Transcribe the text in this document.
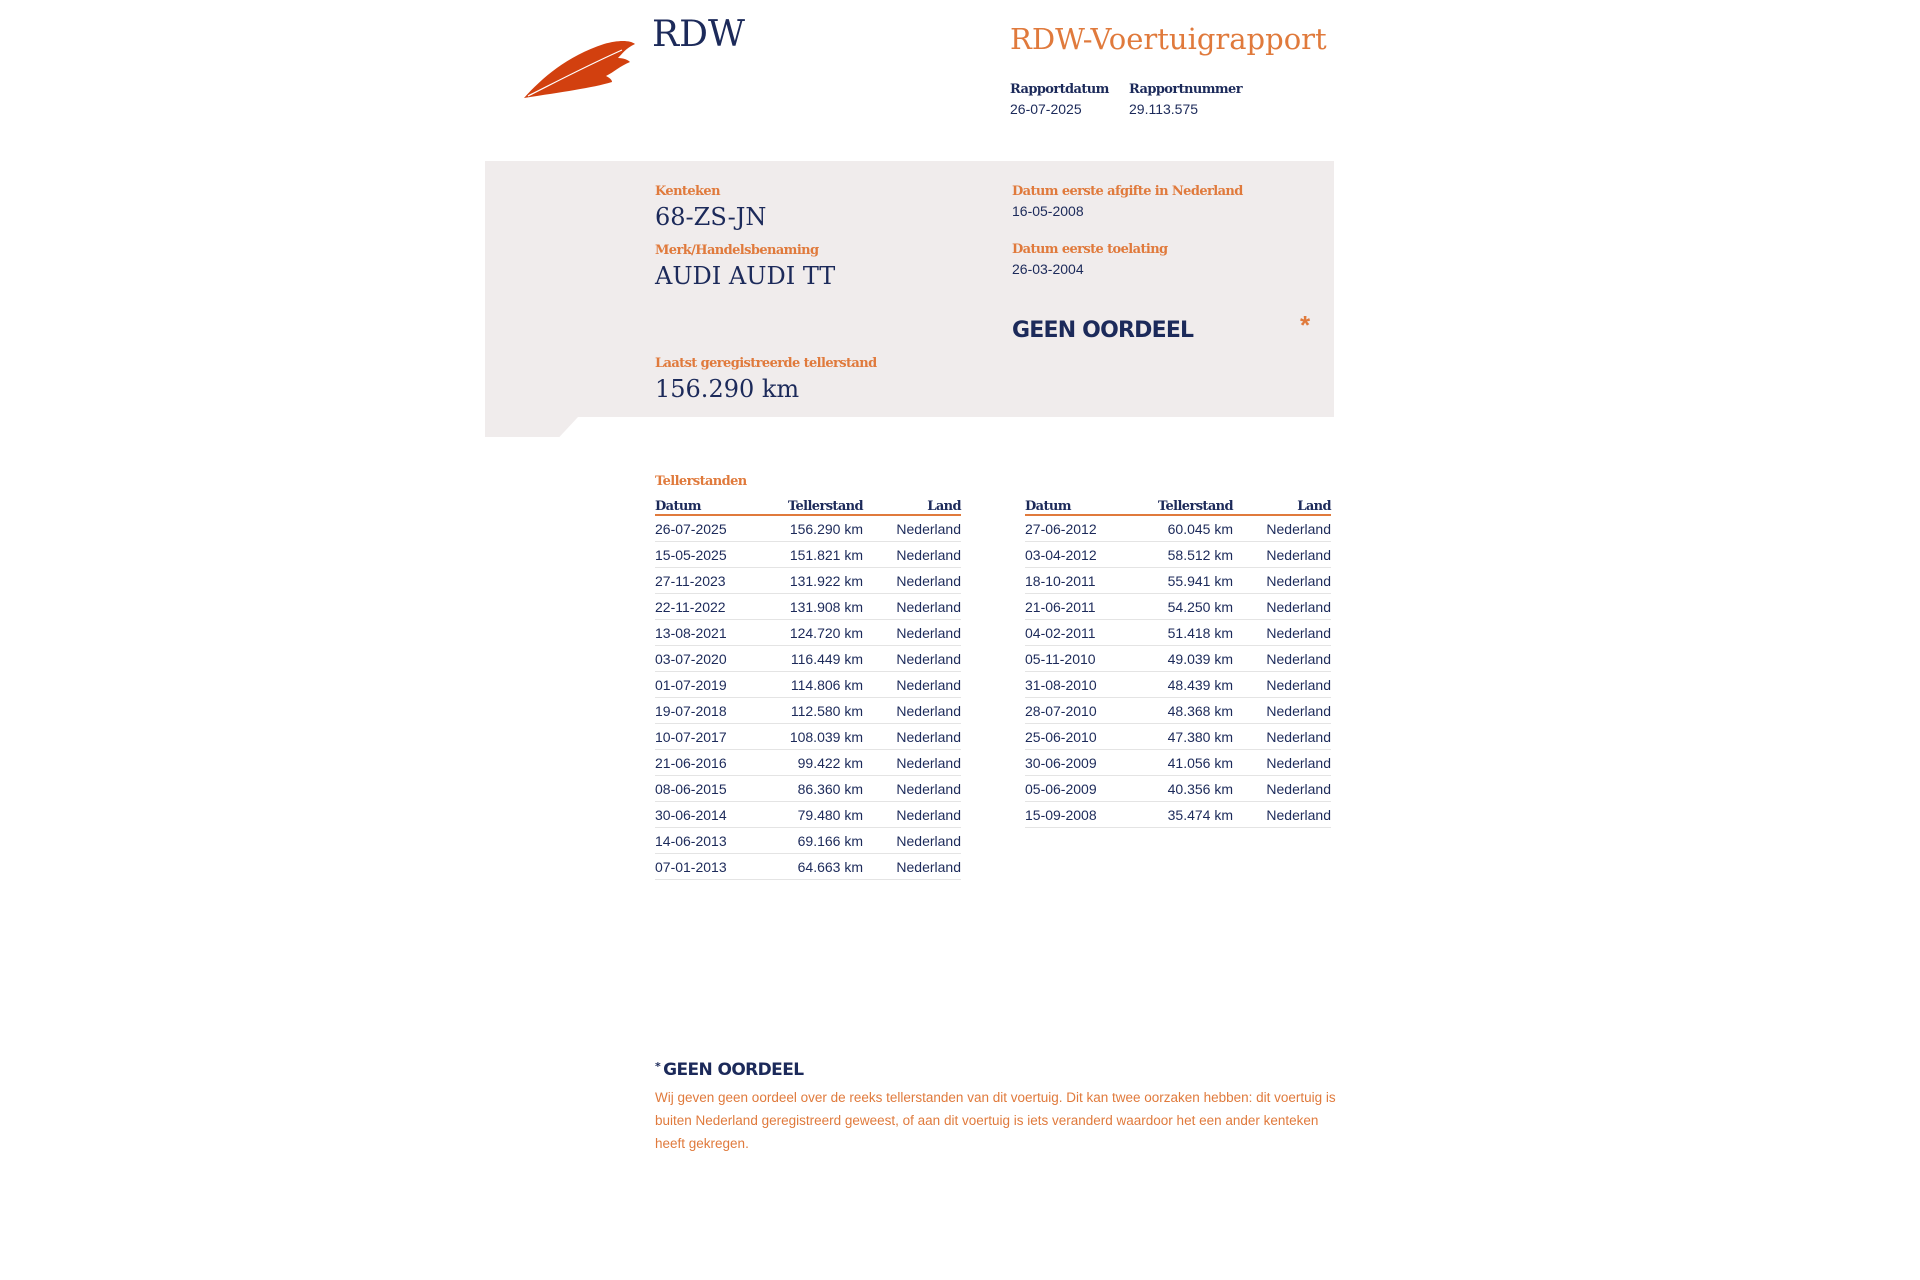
RDW	RDW-Voertuigrapport
Rapportdatum
26-07-2025
Rapportnummer
29.113.575
Kenteken
68-ZS-JN
Merk/Handelsbenaming
AUDI AUDI TT
Laatst geregistreerde tellerstand
156.290 km
Datum eerste afgifte in Nederland
16-05-2008
Datum eerste toelating
26-03-2004
GEEN OORDEEL	*
Tellerstanden
Datum	Tellerstand	Land
26-07-2025	156.290 km	Nederland
15-05-2025	151.821 km	Nederland
27-11-2023	131.922 km	Nederland
22-11-2022	131.908 km	Nederland
13-08-2021	124.720 km	Nederland
03-07-2020	116.449 km	Nederland
01-07-2019	114.806 km	Nederland
19-07-2018	112.580 km	Nederland
10-07-2017	108.039 km	Nederland
21-06-2016	99.422 km	Nederland
08-06-2015	86.360 km	Nederland
30-06-2014	79.480 km	Nederland
14-06-2013	69.166 km	Nederland
07-01-2013	64.663 km	Nederland
Datum	Tellerstand	Land
27-06-2012	60.045 km	Nederland
03-04-2012	58.512 km	Nederland
18-10-2011	55.941 km	Nederland
21-06-2011	54.250 km	Nederland
04-02-2011	51.418 km	Nederland
05-11-2010	49.039 km	Nederland
31-08-2010	48.439 km	Nederland
28-07-2010	48.368 km	Nederland
25-06-2010	47.380 km	Nederland
30-06-2009	41.056 km	Nederland
05-06-2009	40.356 km	Nederland
15-09-2008	35.474 km	Nederland
* GEEN OORDEEL
Wij geven geen oordeel over de reeks tellerstanden van dit voertuig. Dit kan twee oorzaken hebben: dit voertuig is buiten Nederland geregistreerd geweest, of aan dit voertuig is iets veranderd waardoor het een ander kenteken heeft gekregen.
